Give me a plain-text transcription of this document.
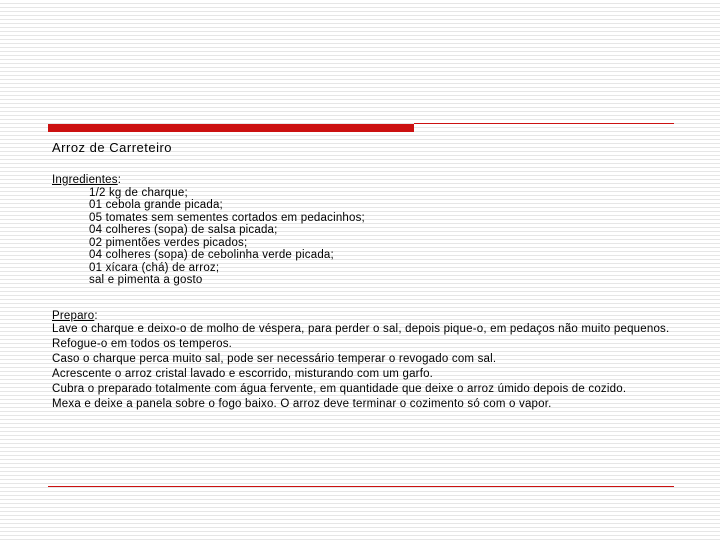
Arroz de Carreteiro
Ingredientes:
1/2 kg de charque;
01 cebola grande picada;
05 tomates sem sementes cortados em pedacinhos;
04 colheres (sopa) de salsa picada;
02 pimentões verdes picados;
04 colheres (sopa) de cebolinha verde picada;
01 xícara (chá) de arroz;
sal e pimenta a gosto
Preparo:
Lave o charque e deixo-o de molho de véspera, para perder o sal, depois pique-o, em pedaços não muito pequenos.
Refogue-o em todos os temperos.
Caso o charque perca muito sal, pode ser necessário temperar o revogado com sal.
Acrescente o arroz cristal lavado e escorrido, misturando com um garfo.
Cubra o preparado totalmente com água fervente, em quantidade que deixe o arroz úmido depois de cozido.
Mexa e deixe a panela sobre o fogo baixo. O arroz deve terminar o cozimento só com o vapor.
